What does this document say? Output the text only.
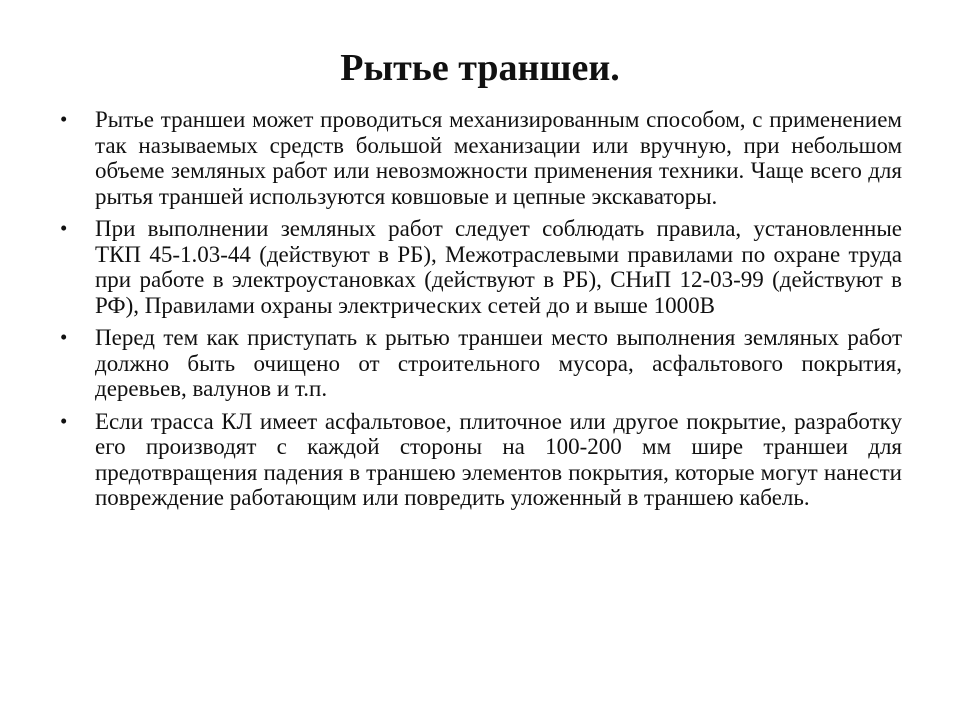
Рытье траншеи.
• Рытье траншеи может проводиться механизированным способом, с применением так называемых средств большой механизации или вручную, при небольшом объеме земляных работ или невозможности применения техники. Чаще всего для рытья траншей используются ковшовые и цепные экскаваторы.
• При выполнении земляных работ следует соблюдать правила, установленные ТКП 45-1.03-44 (действуют в РБ), Межотраслевыми правилами по охране труда при работе в электроустановках (действуют в РБ), СНиП 12-03-99 (действуют в РФ), Правилами охраны электрических сетей до и выше 1000В
• Перед тем как приступать к рытью траншеи место выполнения земляных работ должно быть очищено от строительного мусора, асфальтового покрытия, деревьев, валунов и т.п.
• Если трасса КЛ имеет асфальтовое, плиточное или другое покрытие, разработку его производят с каждой стороны на 100-200 мм шире траншеи для предотвращения падения в траншею элементов покрытия, которые могут нанести повреждение работающим или повредить уложенный в траншею кабель.
